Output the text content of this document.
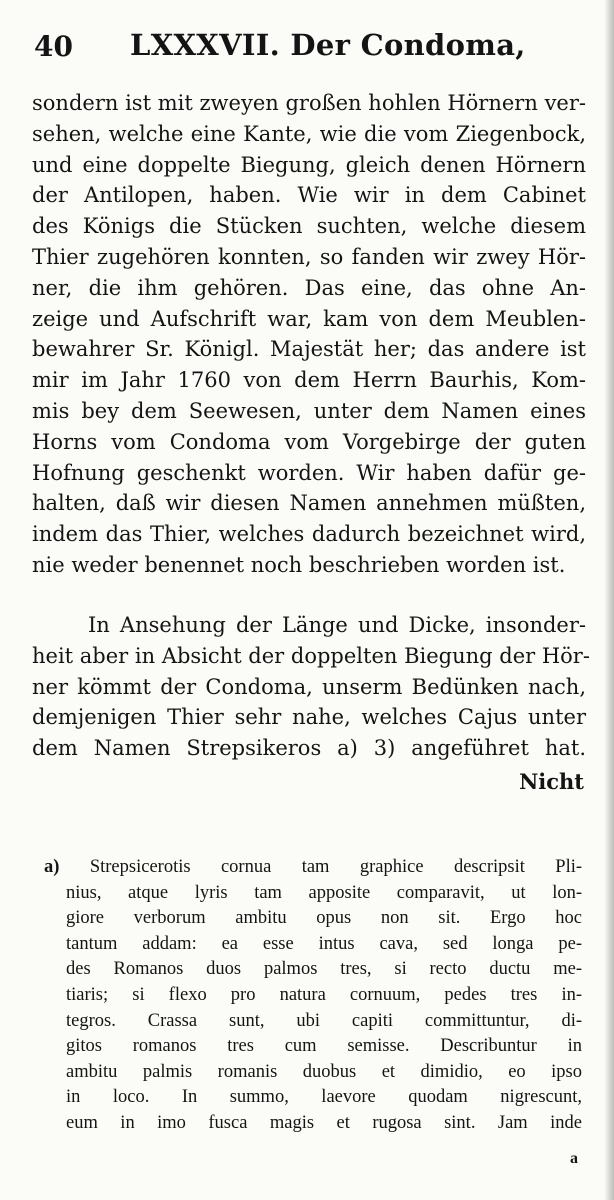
40 LXXXVII. Der Condoma,
sondern ist mit zweyen großen hohlen Hörnern ver-
sehen, welche eine Kante, wie die vom Ziegenbock,
und eine doppelte Biegung, gleich denen Hörnern
der Antilopen, haben. Wie wir in dem Cabinet
des Königs die Stücken suchten, welche diesem
Thier zugehören konnten, so fanden wir zwey Hör-
ner, die ihm gehören. Das eine, das ohne An-
zeige und Aufschrift war, kam von dem Meublen-
bewahrer Sr. Königl. Majestät her; das andere ist
mir im Jahr 1760 von dem Herrn Baurhis, Kom-
mis bey dem Seewesen, unter dem Namen eines
Horns vom Condoma vom Vorgebirge der guten
Hofnung geschenkt worden. Wir haben dafür ge-
halten, daß wir diesen Namen annehmen müßten,
indem das Thier, welches dadurch bezeichnet wird,
nie weder benennet noch beschrieben worden ist.
In Ansehung der Länge und Dicke, insonder-
heit aber in Absicht der doppelten Biegung der Hör-
ner kömmt der Condoma, unserm Bedünken nach,
demjenigen Thier sehr nahe, welches Cajus unter
dem Namen Strepsikeros a) 3) angeführet hat.
Nicht
a) Strepsicerotis cornua tam graphice descripsit Pli-
nius, atque lyris tam apposite comparavit, ut lon-
giore verborum ambitu opus non sit. Ergo hoc
tantum addam: ea esse intus cava, sed longa pe-
des Romanos duos palmos tres, si recto ductu me-
tiaris; si flexo pro natura cornuum, pedes tres in-
tegros. Crassa sunt, ubi capiti committuntur, di-
gitos romanos tres cum semisse. Describuntur in
ambitu palmis romanis duobus et dimidio, eo ipso
in loco. In summo, laevore quodam nigrescunt,
eum in imo fusca magis et rugosa sint. Jam inde
a
